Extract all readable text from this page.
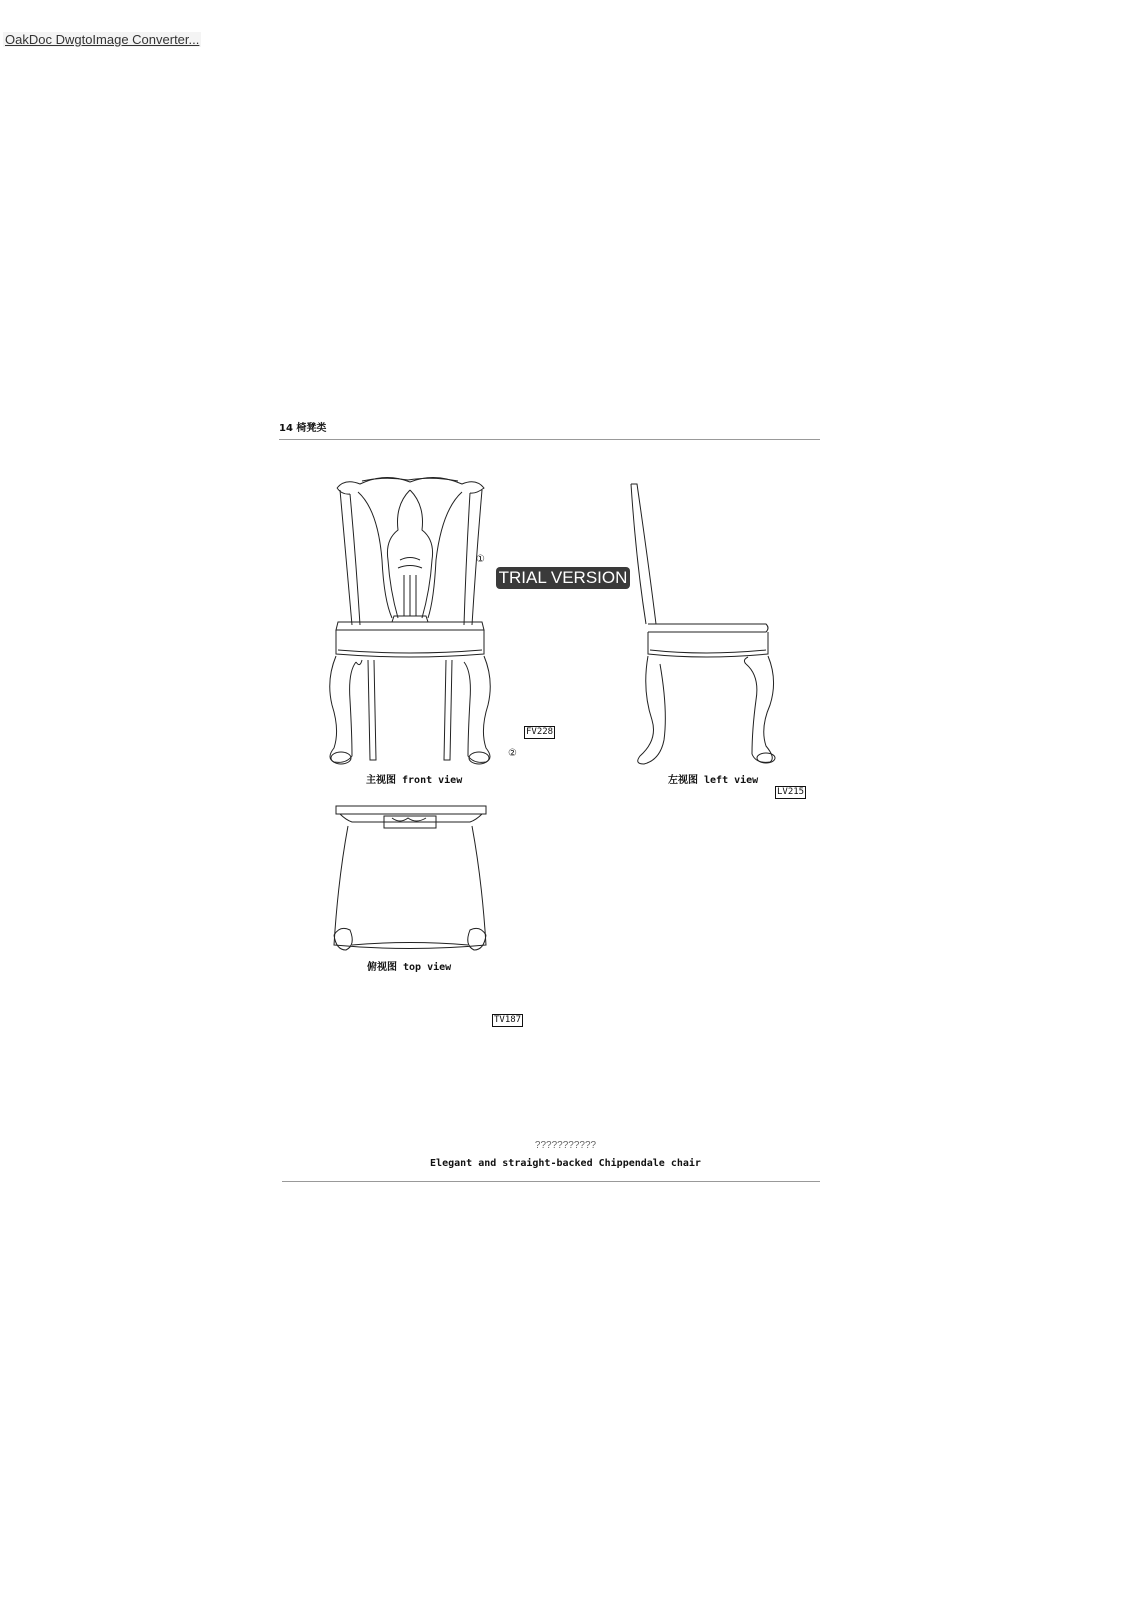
OakDoc DwgtoImage Converter...
14 椅凳类
TRIAL VERSION
①
②
FV228
LV215
TV187
主视图 front view	左视图 left view
俯视图 top view
???????????
Elegant and straight-backed Chippendale chair
